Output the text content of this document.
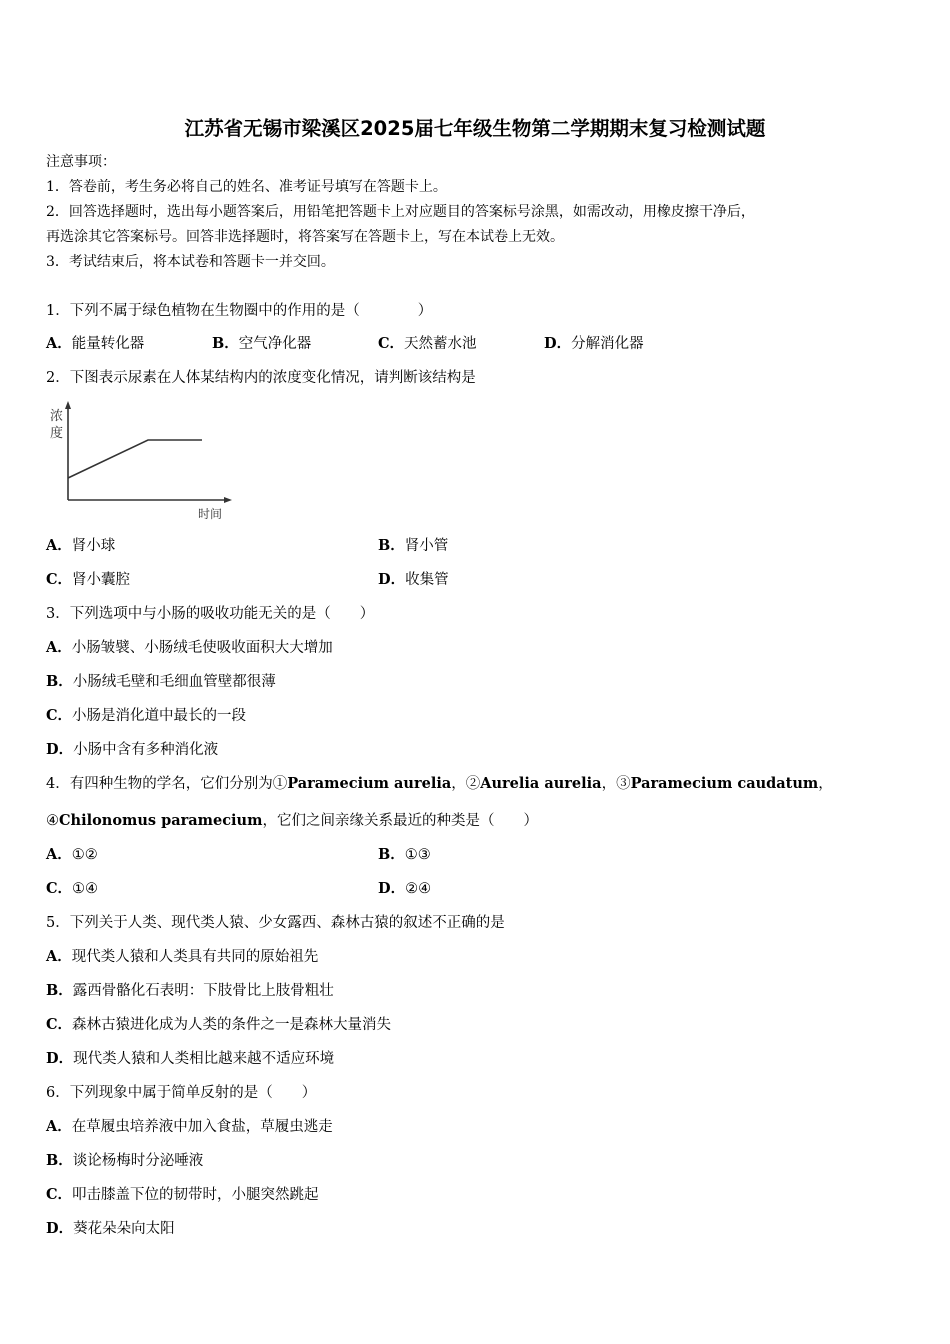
江苏省无锡市梁溪区2025届七年级生物第二学期期末复习检测试题
注意事项：
1．答卷前，考生务必将自己的姓名、准考证号填写在答题卡上。
2．回答选择题时，选出每小题答案后，用铅笔把答题卡上对应题目的答案标号涂黑，如需改动，用橡皮擦干净后，
再选涂其它答案标号。回答非选择题时，将答案写在答题卡上，写在本试卷上无效。
3．考试结束后，将本试卷和答题卡一并交回。
1．下列不属于绿色植物在生物圈中的作用的是（　　　　）
A．能量转化器	B．空气净化器	C．天然蓄水池	D．分解消化器
2．下图表示尿素在人体某结构内的浓度变化情况，请判断该结构是
浓
度
时间
A．肾小球	B．肾小管
C．肾小囊腔	D．收集管
3．下列选项中与小肠的吸收功能无关的是（　　）
A．小肠皱襞、小肠绒毛使吸收面积大大增加
B．小肠绒毛壁和毛细血管壁都很薄
C．小肠是消化道中最长的一段
D．小肠中含有多种消化液
4．有四种生物的学名，它们分别为①Paramecium aurelia，②Aurelia aurelia，③Paramecium caudatum，
④Chilonomus paramecium，它们之间亲缘关系最近的种类是（　　）
A．①②	B．①③
C．①④	D．②④
5．下列关于人类、现代类人猿、少女露西、森林古猿的叙述不正确的是
A．现代类人猿和人类具有共同的原始祖先
B．露西骨骼化石表明：下肢骨比上肢骨粗壮
C．森林古猿进化成为人类的条件之一是森林大量消失
D．现代类人猿和人类相比越来越不适应环境
6．下列现象中属于简单反射的是（　　）
A．在草履虫培养液中加入食盐，草履虫逃走
B．谈论杨梅时分泌唾液
C．叩击膝盖下位的韧带时，小腿突然跳起
D．葵花朵朵向太阳
